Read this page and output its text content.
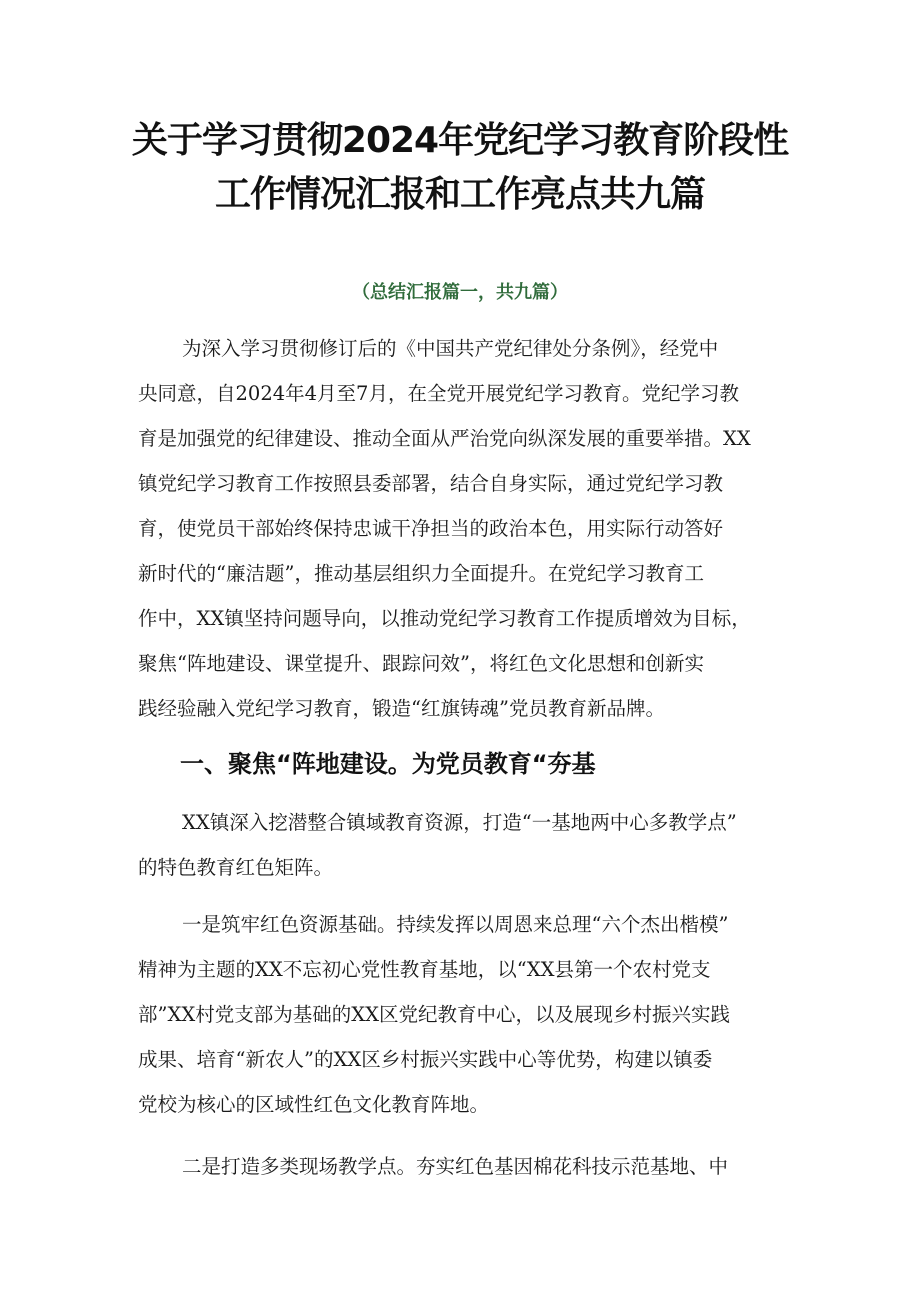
关于学习贯彻2024年党纪学习教育阶段性
工作情况汇报和工作亮点共九篇

（总结汇报篇一，共九篇）

为深入学习贯彻修订后的《中国共产党纪律处分条例》，经党中
央同意，自2024年4月至7月，在全党开展党纪学习教育。党纪学习教
育是加强党的纪律建设、推动全面从严治党向纵深发展的重要举措。XX
镇党纪学习教育工作按照县委部署，结合自身实际，通过党纪学习教
育，使党员干部始终保持忠诚干净担当的政治本色，用实际行动答好
新时代的“廉洁题”，推动基层组织力全面提升。在党纪学习教育工
作中，XX镇坚持问题导向，以推动党纪学习教育工作提质增效为目标，
聚焦“阵地建设、课堂提升、跟踪问效”，将红色文化思想和创新实
践经验融入党纪学习教育，锻造“红旗铸魂”党员教育新品牌。
一、聚焦“阵地建设。为党员教育“夯基
XX镇深入挖潜整合镇域教育资源，打造“一基地两中心多教学点”
的特色教育红色矩阵。
一是筑牢红色资源基础。持续发挥以周恩来总理“六个杰出楷模”
精神为主题的XX不忘初心党性教育基地，以“XX县第一个农村党支
部”XX村党支部为基础的XX区党纪教育中心，以及展现乡村振兴实践
成果、培育“新农人”的XX区乡村振兴实践中心等优势，构建以镇委
党校为核心的区域性红色文化教育阵地。
二是打造多类现场教学点。夯实红色基因棉花科技示范基地、中
